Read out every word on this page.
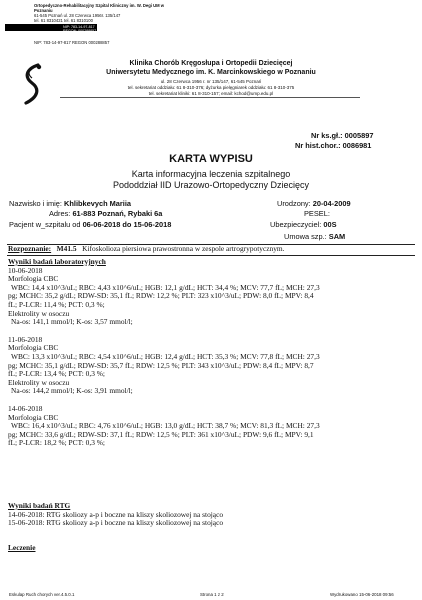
Ortopedyczno-Rehabilitacyjny Szpital Kliniczny im. W. Degi UM w
Poznaniu
61-545 Poznań ul. 28 Czerwca 1956r. 135/147
tel. 61 8310421 tel. 61 8310100
NIP: 783-14-97-817 REGON: 000288857
NIP: 783-14-97-817 REGON 000288857
Klinika Chorób Kręgosłupa i Ortopedii Dziecięcej
Uniwersytetu Medycznego im. K. Marcinkowskiego w Poznaniu
ul. 28 Czerwca 1956 r. nr 135/147, 61-545 Poznań
tel. sekretariat oddziału: 61 8-310-376; dyżurka pielęgniarek oddziału: 61 8-310-375
tel. sekretariat kliniki: 61 8-310-157; email: kchod@ump.edu.pl
Nr ks.gł.: 0005897
Nr hist.chor.: 0086981
KARTA WYPISU
Karta informacyjna leczenia szpitalnego
Pododdział IID Urazowo-Ortopedyczny Dziecięcy
Nazwisko i imię: Khlibkevych Mariia	Urodzony: 20-04-2009
Adres: 61-883 Poznań, Rybaki 6a	PESEL:
Pacjent w_szpitalu od 06-06-2018 do 15-06-2018	Ubezpieczyciel: 00S
Umowa szp.: SAM
Rozpoznanie: M41.5 Kifoskolioza piersiowa prawostronna w zespole artrogrypotycznym.
Wyniki badań laboratoryjnych
10-06-2018
Morfologia CBC
WBC: 14,4 x10^3/uL; RBC: 4,43 x10^6/uL; HGB: 12,1 g/dL; HCT: 34,4 %; MCV: 77,7 fL; MCH: 27,3
pg; MCHC: 35,2 g/dL; RDW-SD: 35,1 fL; RDW: 12,2 %; PLT: 323 x10^3/uL; PDW: 8,0 fL; MPV: 8,4
fL; P-LCR: 11,4 %; PCT: 0,3 %;
Elektrolity w osoczu
Na-os: 141,1 mmol/l; K-os: 3,57 mmol/l;
11-06-2018
Morfologia CBC
WBC: 13,3 x10^3/uL; RBC: 4,54 x10^6/uL; HGB: 12,4 g/dL; HCT: 35,3 %; MCV: 77,8 fL; MCH: 27,3
pg; MCHC: 35,1 g/dL; RDW-SD: 35,7 fL; RDW: 12,5 %; PLT: 343 x10^3/uL; PDW: 8,4 fL; MPV: 8,7
fL; P-LCR: 13,4 %; PCT: 0,3 %;
Elektrolity w osoczu
Na-os: 144,2 mmol/l; K-os: 3,91 mmol/l;
14-06-2018
Morfologia CBC
WBC: 16,4 x10^3/uL; RBC: 4,76 x10^6/uL; HGB: 13,0 g/dL; HCT: 38,7 %; MCV: 81,3 fL; MCH: 27,3
pg; MCHC: 33,6 g/dL; RDW-SD: 37,1 fL; RDW: 12,5 %; PLT: 361 x10^3/uL; PDW: 9,6 fL; MPV: 9,1
fL; P-LCR: 18,2 %; PCT: 0,3 %;
Wyniki badań RTG
14-06-2018: RTG skoliozy a-p i boczne na kliszy skoliozowej na stojąco
15-06-2018: RTG skoliozy a-p i boczne na kliszy skoliozowej na stojąco
Leczenie
Eskulap Ruch chorych ver.4.5.0.1	Strona 1 z 2	Wydrukowano 15-06-2018 09:56
